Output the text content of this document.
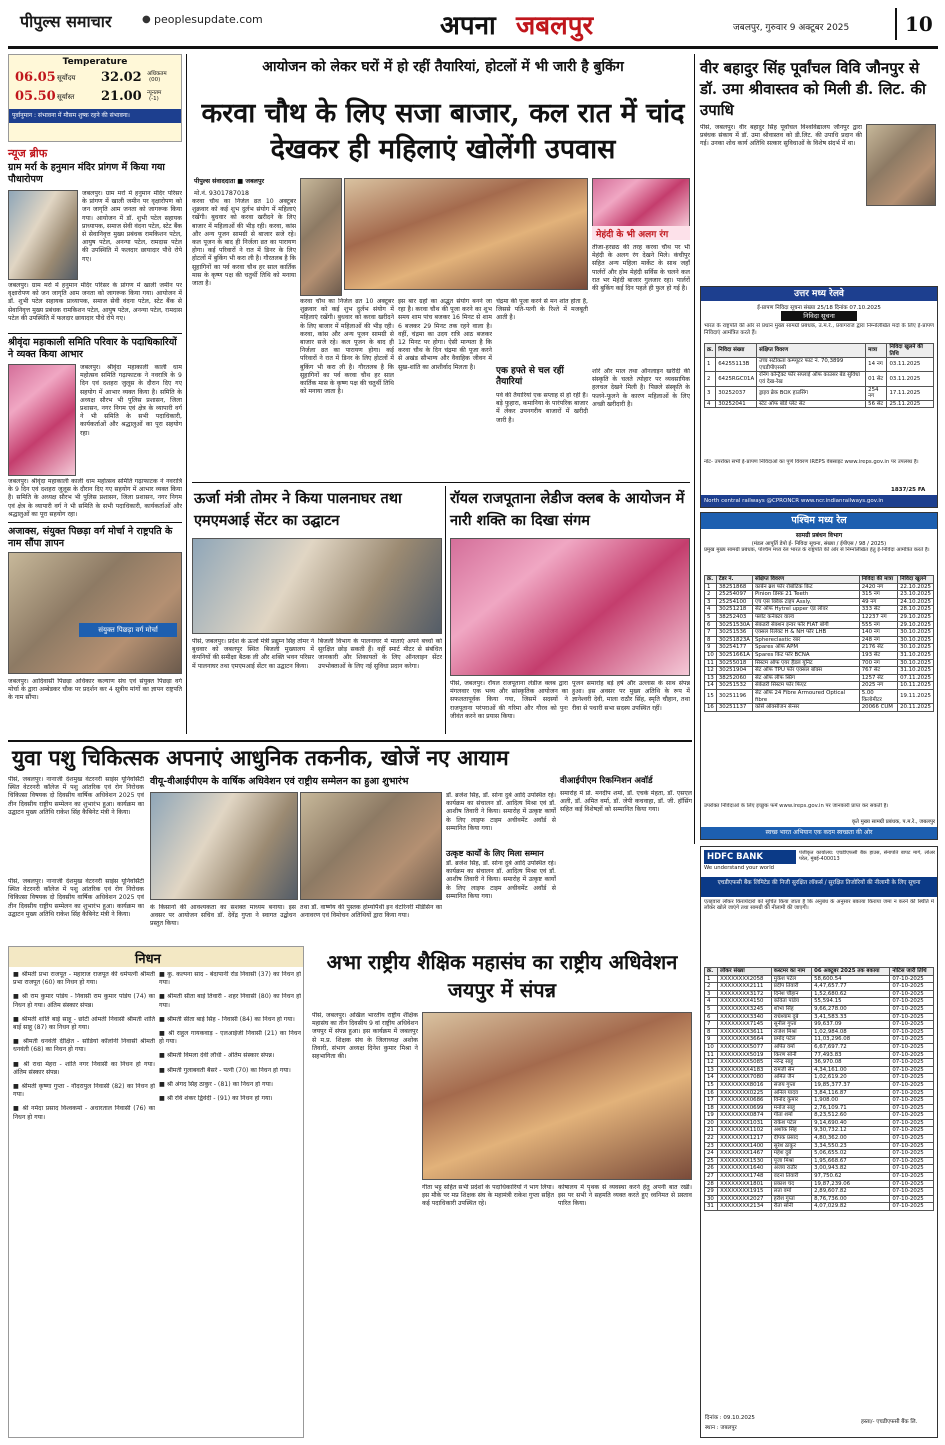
पीपुल्स समाचार	● peoplesupdate.com	अपना जबलपुर	जबलपुर, गुरुवार 9 अक्टूबर 2025	10
Temperature
06.05 सूर्योदय 32.02 अधिकतम
(00)
05.50 सूर्यास्त 21.00 न्यूनतम
(-1)
पूर्वानुमान : संभावना में मौसम शुष्क रहने की संभावना।
न्यूज ब्रीफ
ग्राम मर्रा के हनुमान मंदिर प्रांगण में किया गया पौधारोपण
जबलपुर। ग्राम मर्रा में हनुमान मंदिर परिसर के प्रांगण में खाली जमीन पर वृक्षारोपण को जन जागृति आम जनता को जागरूक किया गया। आयोजन में डॉ. शुभी पटेल सहायक प्राध्यापक, समाज सेवी वंदना पटेल, स्टेट बैंक से सेवानिवृत्त मुख्य प्रबंधक रामकिशन पटेल, आयुष पटेल, अनन्या पटेल, रामदास पटेल की उपस्थिति में फलदार छायादार पौधे रोपे गए।
जबलपुर। ग्राम मर्रा में हनुमान मंदिर परिसर के प्रांगण में खाली जमीन पर वृक्षारोपण को जन जागृति आम जनता को जागरूक किया गया। आयोजन में डॉ. शुभी पटेल सहायक प्राध्यापक, समाज सेवी वंदना पटेल, स्टेट बैंक से सेवानिवृत्त मुख्य प्रबंधक रामकिशन पटेल, आयुष पटेल, अनन्या पटेल, रामदास पटेल की उपस्थिति में फलदार छायादार पौधे रोपे गए।
श्रीवृंदा महाकाली समिति परिवार के पदाधिकारियों ने व्यक्त किया आभार
जबलपुर। श्रीवृंदा महाकाली काली धाम महोत्सव समिति गढ़ाफाटक ने नवरात्रि के 9 दिन एवं दशहरा जुलूस के दौरान दिए गए सहयोग में आभार व्यक्त किया है। समिति के अध्यक्ष सौरभ भी पुलिस प्रशासन, जिला प्रशासन, नगर निगम एवं क्षेत्र के व्यापारी वर्ग ने भी समिति के सभी पदाधिकारी, कार्यकर्ताओं और श्रद्धालुओं का पूरा सहयोग रहा।
जबलपुर। श्रीवृंदा महाकाली काली धाम महोत्सव समिति गढ़ाफाटक ने नवरात्रि के 9 दिन एवं दशहरा जुलूस के दौरान दिए गए सहयोग में आभार व्यक्त किया है। समिति के अध्यक्ष सौरभ भी पुलिस प्रशासन, जिला प्रशासन, नगर निगम एवं क्षेत्र के व्यापारी वर्ग ने भी समिति के सभी पदाधिकारी, कार्यकर्ताओं और श्रद्धालुओं का पूरा सहयोग रहा।
अजाक्स, संयुक्त पिछड़ा वर्ग मोर्चा ने राष्ट्रपति के नाम सौंपा ज्ञापन
संयुक्त पिछड़ा वर्ग मोर्चा
जबलपुर। आदिवासी पिछड़ा अधिकार कल्याण संघ एवं संयुक्त पिछड़ा वर्ग मोर्चा के द्वारा अम्बेडकर चौक पर प्रदर्शन कर 4 सूत्रीय मांगों का ज्ञापन राष्ट्रपति के नाम सौंपा।
आयोजन को लेकर घरों में हो रहीं तैयारियां, होटलों में भी जारी है बुकिंग
करवा चौथ के लिए सजा बाजार, कल रात में चांद देखकर ही महिलाएं खोलेंगी उपवास
पीपुल्स संवाददाता ■ जबलपुर
मो.नं. 9301787018
करवा चौथ का निर्जल व्रत 10 अक्टूबर शुक्रवार को कई शुभ दुर्लभ संयोग में महिलाएं रखेंगी। बुधवार को करवा खरीदने के लिए बाजार में महिलाओं की भीड़ रही। करवा, कांस और अन्य पूजन सामग्री से बाजार सजे रहे। कल पूजन के बाद ही निर्जला व्रत का पारायण होगा। कई परिवारों ने रात में डिनर के लिए होटलों में बुकिंग भी करा ली है। गौरतलब है कि सुहागिनों का पर्व करवा चौथ हर साल कार्तिक मास के कृष्ण पक्ष की चतुर्थी तिथि को मनाया जाता है।
करवा चौथ का निर्जल व्रत 10 अक्टूबर शुक्रवार को कई शुभ दुर्लभ संयोग में महिलाएं रखेंगी। बुधवार को करवा खरीदने के लिए बाजार में महिलाओं की भीड़ रही। करवा, कांस और अन्य पूजन सामग्री से बाजार सजे रहे। कल पूजन के बाद ही निर्जला व्रत का पारायण होगा। कई परिवारों ने रात में डिनर के लिए होटलों में बुकिंग भी करा ली है। गौरतलब है कि सुहागिनों का पर्व करवा चौथ हर साल कार्तिक मास के कृष्ण पक्ष की चतुर्थी तिथि को मनाया जाता है।
इस बार ग्रहों का अद्भुत संयोग बनने जा रहा है। करवा चौथ की पूजा करने का शुभ समय शाम पांच बजकर 16 मिनट से शाम 6 बजकर 29 मिनट तक रहने वाला है। वहीं, चंद्रमा का उदय रात्रि आठ बजकर 12 मिनट पर होगा। ऐसी मान्यता है कि करवा चौथ के दिन चंद्रमा की पूजा करने से अखंड सौभाग्य और वैवाहिक जीवन में सुख-शांति का आशीर्वाद मिलता है।
चंद्रमा की पूजा करने से मन शांत होता है, जिससे पति-पत्नी के रिश्ते में मजबूती आती है।
एक हफ्ते से चल रहीं तैयारियां
पर्व की तैयारियां एक सप्ताह से हो रहीं हैं। बड़े फुहारा, कमानिया के पारंपरिक बाजार में लेकर उपनगरीय बाजारों में खरीदी जारी है।
मेहंदी के भी अलग रंग
तीजा-हरछठ की तरह करवा चौथ पर भी मेहंदी के अलग रंग देखने मिले। कंचीपुर सहित अन्य महिला मार्केट के साथ जहाँ पार्लरों और होम मेहंदी सर्विस के चलने कल रात भर मेहंदी बाजार गुलजार रहा। पार्लरों की बुकिंग कई दिन पहले ही फुल हो गई है।
शोरें और माल तथा ऑनलाइन खरीदी की संस्कृति के चलते त्योहार पर व्यवसायिक हलचल देखने मिली है। पिछले संस्कृति के फलने-फूलने के कारण महिलाओं के लिए अच्छी खरीदारी है।
ऊर्जा मंत्री तोमर ने किया पालनाघर तथा एमएमआई सेंटर का उद्घाटन
पीसं, जबलपुर। प्रदेश के ऊर्जा मंत्री प्रद्युम्न सिंह तोमर ने बुधवार को जबलपुर स्थित बिजली मुख्यालय में कंपनियों की समीक्षा बैठक ली और शक्ति भवन परिसर में पालनाघर तथा एमएमआई सेंटर का उद्घाटन किया।
बिजली विभाग के पालनाघर में माताएं अपने बच्चों को सुरक्षित छोड़ सकती हैं। वहीं स्मार्ट मीटर से संबंधित जानकारी और शिकायतों के लिए ऑनलाइन सेंटर उपभोक्ताओं के लिए नई सुविधा प्रदान करेगा।
रॉयल राजपूताना लेडीज क्लब के आयोजन में नारी शक्ति का दिखा संगम
पीसं, जबलपुर। रॉयल राजपूताना लेडीज क्लब द्वारा मंगलवार एक भव्य और सांस्कृतिक आयोजन का सफलतापूर्वक किया गया, जिसमें सदस्यों ने राजपूताना परंपराओं की गरिमा और गौरव को पुनः जीवंत करने का प्रयास किया।
पूजन समारोह बड़े हर्ष और उल्लास के साथ संपन्न हुआ। इस अवसर पर मुख्य अतिथि के रूप में ज्ञानेश्वरी देवी, माला राठौर सिंह, स्मृति चौहान, तथा रीवा से पधारी सभा सदस्य उपस्थित रहीं।
युवा पशु चिकित्सक अपनाएं आधुनिक तकनीक, खोजें नए आयाम
पीसं, जबलपुर। नानाजी देशमुख वेटरनरी साइंस यूनिवर्सिटी स्थित वेटरनरी कॉलेज में पशु आंतरिक एवं रोग निरोधक चिकित्सा विषयक दो दिवसीय वार्षिक अधिवेशन 2025 एवं तीन दिवसीय राष्ट्रीय सम्मेलन का शुभारंभ हुआ। कार्यक्रम का उद्घाटन मुख्य अतिथि राकेश सिंह कैबिनेट मंत्री ने किया।
वीयू-वीआईपीएम के वार्षिक अधिवेशन एवं राष्ट्रीय सम्मेलन का हुआ शुभारंभ	वीआईपीएम रिकग्निशन अवॉर्ड
डॉ. ब्रजेश सिंह, डॉ. सोना दुबे आदि उपस्थित रहे। कार्यक्रम का संचालन डॉ. आदित्य मिश्रा एवं डॉ. आशीष तिवारी ने किया। समारोह में उत्कृष्ट कार्यों के लिए लाइफ टाइम अचीवमेंट अवॉर्ड से सम्मानित किया गया।
उत्कृष्ट कार्यों के लिए मिला सम्मान
डॉ. ब्रजेश सिंह, डॉ. सोना दुबे आदि उपस्थित रहे। कार्यक्रम का संचालन डॉ. आदित्य मिश्रा एवं डॉ. आशीष तिवारी ने किया। समारोह में उत्कृष्ट कार्यों के लिए लाइफ टाइम अचीवमेंट अवॉर्ड से सम्मानित किया गया।
समारोह में प्रो. मनदीप शर्मा, डॉ. एचके मेहता, डॉ. एसएल अली, डॉ. अमित वर्मा, डॉ. जेपी कचवाहा, डॉ. जी. हॉसिंग सहित कई विशेषज्ञों को सम्मानित किया गया।
पीसं, जबलपुर। नानाजी देशमुख वेटरनरी साइंस यूनिवर्सिटी स्थित वेटरनरी कॉलेज में पशु आंतरिक एवं रोग निरोधक चिकित्सा विषयक दो दिवसीय वार्षिक अधिवेशन 2025 एवं तीन दिवसीय राष्ट्रीय सम्मेलन का शुभारंभ हुआ। कार्यक्रम का उद्घाटन मुख्य अतिथि राकेश सिंह कैबिनेट मंत्री ने किया।
के किसानों की आवश्यकता का सशक्त माध्यम बनाया। इस अवसर पर आयोजन सचिव डॉ. देवेंद्र गुप्ता ने स्वागत उद्बोधन प्रस्तुत किया।
तथा डॉ. वार्ष्णेय की पुस्तक होम्योपैथी इन वेटरिनरी मेडिसिन का अनावरण एवं विमोचन अतिथियों द्वारा किया गया।
निधन
■ श्रीमती प्रभा राजपूत - महाराज राजपूत की धर्मपत्नी श्रीमती प्रभा राजपूत (60) का निधन हो गया।
■ श्री राम कुमार पांडेय - निवासी राम कुमार पांडेय (74) का निधन हो गया। अंतिम संस्कार संपन्न।
■ श्रीमती शांति बाई साहू - छोटी ओमती निवासी श्रीमती शांति बाई साहू (87) का निधन हो गया।
■ श्रीमती धनवंती दीक्षित - सोडियो कॉलोनी निवासी श्रीमती धनवंती (68) का निधन हो गया।
■ श्री राधा मेहरा - शांति नगर निवासी का निधन हो गया। अंतिम संस्कार संपन्न।
■ श्रीमती कृष्णा गुप्ता - नौदरापुल निवासी (82) का निधन हो गया।
■ श्री नर्मदा प्रसाद विश्वकर्मा - अधारताल निवासी (76) का निधन हो गया।
■ कु. कल्पना साद - बेदापानी रोड निवासी (37) का निधन हो गया।
■ श्रीमती सीता बाई तिवारी - शहर निवासी (80) का निधन हो गया।
■ श्रीमती सीता बाई सिंह - निवासी (84) का निधन हो गया।
■ श्री राहुल गायकवाड़ - एलआईजी निवासी (21) का निधन हो गया।
■ श्रीमती विमला देवी लौधी - अंतिम संस्कार संपन्न।
■ श्रीमती गुलाबवती बैसरे - पत्नी (70) का निधन हो गया।
■ श्री अंगद सिंह ठाकुर - (81) का निधन हो गया।
■ श्री रवि शंकर द्विवेदी - (91) का निधन हो गया।
अभा राष्ट्रीय शैक्षिक महासंघ का राष्ट्रीय अधिवेशन जयपुर में संपन्न
पीसं, जबलपुर। अखिल भारतीय राष्ट्रीय शैक्षिक महासंघ का तीन दिवसीय 9 वां राष्ट्रीय अधिवेशन जयपुर में संपन्न हुआ। इस कार्यक्रम में जबलपुर से म.प्र. शिक्षक संघ के जिलाध्यक्ष अशोक तिवारी, संभाग अध्यक्ष दिनेश कुमार मिश्रा ने सहभागिता की।
गीता भट्ट सहित सभी प्रदेशों के पदाधिकारियों ने भाग लिया। इस मौके पर मप्र शिक्षक संघ के महामंत्री राकेश गुप्ता सहित कई पदाधिकारी उपस्थित रहे।
कोषालय में पृथक से व्यवस्था करने हेतु अपनी बात रखी। इस पर सभी ने सहमति व्यक्त करते हुए ध्वनिमत से प्रस्ताव पारित किया।
वीर बहादुर सिंह पूर्वांचल विवि जौनपुर से डॉ. उमा श्रीवास्तव को मिली डी. लिट. की उपाधि
पीसं, जबलपुर। वीर बहादुर सिंह पूर्वांचल विश्वविद्यालय जौनपुर द्वारा प्रबंधक संकाय में डॉ. उमा श्रीवास्तव को डी.लिट. की उपाधि प्रदान की गई। उनका शोध कार्य अतिथि सत्कार सुविधाओं के विशेष संदर्भ में था।
उत्तर मध्य रेलवे
ई-प्रापण निविदा सूचना संख्या 25/18 दिनांक 07.10.2025
निविदा सूचना
भारत के राष्ट्रपति की ओर से प्रधान मुख्य सामग्री प्रबंधक, उ.म.रे., प्रयागराज द्वारा निम्नलिखित मदों के लिए ई-प्रापण निविदाएं आमंत्रित करते हैं।
क्र.	निविदा संख्या	संक्षिप्त विवरण	मात्रा	निविदा खुलने की तिथि
1	64255113B	उच्च सटीकता कम्प्यूटर फाट नं. 70,3899 एचडीपीएससी	14 नग	03.11.2025
2	6425RGC01A	रनिंग कॉन्ट्रैक्ट फॉर सप्लाई ऑफ काउंसर बेड सुविधा एवं देख-रेख	01 सेट	03.11.2025
3	30252037	ड्राइव ब्रेक BOX हाउसिंग	254 नग	17.11.2025
4	30252041	स्टेट ऑफ बोर्ड प्लेट सेट	56 सेट	25.11.2025
नोट- उपरोक्त सभी ई-प्रापण निविदाओं का पूर्ण विवरण IREPS वेबसाइट www.ireps.gov.in पर उपलब्ध है।
1837/25 FA
North central railways @CPRONCR www.ncr.indianrailways.gov.in
पश्चिम मध्य रेल
सामग्री प्रबंधन विभाग
(मंडल आपूर्ति डेपो ई- निविदा सूचना, संख्या / ईपीएस / 98 / 2025)
प्रमुख मुख्य सामग्री प्रबंधक, पश्चिम मध्य रेल भारत के राष्ट्रपति की ओर से निम्नलिखित हेतु ई-निविदा आमंत्रित करते हैं।
क्र.	टेंडर नं.	संक्षिप्त विवरण	निविदा की मात्रा	निविदा खुलने
1	38251868	कार्बन ब्रश फॉर रोबोटिक किट	2420 नग	22.10.2025
2	25254097	Pinion डिस्क 21 Teeth	315 नग	23.10.2025
3	25254100	एच एस क्विक टाइप Assly.	49 नग	24.10.2025
4	30251218	सेट ऑफ Hytrel upper एंड लोवर	333 सेट	28.10.2025
5	38252403	फ्लोट कनेक्टर वाल्व	12237 नग	29.10.2025
6	30251530A	सेकंडरी सेक्शन इन्वर फॉर FIAT बोगी	555 नग	29.10.2025
7	30251536	एक्सल रिलेक्ट H & NH फॉर LHB	140 नग	30.10.2025
8	30251823A	Sphereclastic रबर	248 नग	30.10.2025
9	30254177	Spares ऑफ APM	2176 सेट	30.10.2025
10	30251661A	Spares किट फॉर BCNA	193 सेट	31.10.2025
11	30255018	सिस्टम ऑफ एयर हैंडल यूनिट	700 नग	30.10.2025
12	30251904	सेट ऑफ TPU फॉर एक्सल बॉक्स	767 सेट	31.10.2025
13	38252060	सेट ऑफ लीफ स्प्रिंग	1257 सेट	07.11.2025
14	30251532	सेकेंडरी सिस्टम फॉर फिएट	2025 नग	10.11.2025
15	30251196	सेट ऑफ 24 Fibre Armoured Optical fibre	5.00 किलोमीटर	19.11.2025
16	30251137	कोर्स ऑक्सीजन सेन्सर	20066 CUM	20.11.2025
उपरोक्त निविदाओं के लिए इच्छुक फर्में www.ireps.gov.in पर जानकारी प्राप्त कर सकती हैं।
कृते मुख्य सामग्री प्रबंधक, प.म.रे., जबलपुर
स्वच्छ भारत अभियान एक कदम स्वच्छता की ओर
HDFC BANK
We understand your world
पंजीकृत कार्यालय: एचडीएफसी बैंक हाउस, सेनापति बापट मार्ग, लोअर परेल, मुंबई-400013
एचडीएफसी बैंक लिमिटेड की निजी सुरक्षित लॉकर्स / सुरक्षित तिजोरियों की नीलामी के लिए सूचना
एतद्द्वारा लॉकर किरायेदारों को सूचित किया जाता है कि अनुबंध के अनुसार बकाया किराया जमा न करने की स्थिति में लॉकर खोले जाएंगे तथा सामग्री की नीलामी की जाएगी।
क्र.	लॉकर संख्या	कस्टमर का नाम	06 अक्टूबर 2025 तक बकाया	नोटिस जारी तिथि
1	XXXXXXXX2058	मुकेश पटेल	58,600.54	07-10-2025
2	XXXXXXXX2111	प्रदीप तिवारी	4,47,657.77	07-10-2025
3	XXXXXXXX3172	दिनेश चौहान	1,52,680.62	07-10-2025
4	XXXXXXXX4150	कविता पांडेय	55,594.15	07-10-2025
5	XXXXXXXX3245	शोभा सिंह	9,66,278.00	07-10-2025
6	XXXXXXXX3340	राधेश्याम दुबे	3,41,583.33	07-10-2025
7	XXXXXXXX7145	सुनील गुप्ता	99,637.09	07-10-2025
8	XXXXXXXX3611	राजेश मिश्रा	1,02,984.08	07-10-2025
9	XXXXXXXX3664	प्रमोद पटेल	11,03,296.08	07-10-2025
10	XXXXXXXX5077	अर्पित वर्मा	6,67,697.72	07-10-2025
11	XXXXXXXX5019	किरण सोनी	77,493.83	07-10-2025
12	XXXXXXXX5085	नरेन्द्र साहू	36,970.08	07-10-2025
13	XXXXXXXX4183	रामजी सेन	4,34,161.00	07-10-2025
14	XXXXXXXX7080	अमित जैन	1,02,619.20	07-10-2025
15	XXXXXXXX8016	संजय गुप्ता	19,85,377.37	07-10-2025
16	XXXXXXXX0225	अनिल यादव	3,84,116.87	07-10-2025
17	XXXXXXXX0686	विनोद कुमार	1,908.00	07-10-2025
18	XXXXXXXX0699	मनोज साहू	2,76,109.71	07-10-2025
19	XXXXXXXX0874	गीता शर्मा	8,23,512.60	07-10-2025
20	XXXXXXXX1031	राकेश पटेल	9,14,690.40	07-10-2025
21	XXXXXXXX1102	अशोक सिंह	9,30,732.12	07-10-2025
22	XXXXXXXX1217	दीपक प्रसाद	4,80,362.00	07-10-2025
23	XXXXXXXX1400	सुरेश ठाकुर	3,34,550.23	07-10-2025
24	XXXXXXXX1467	महेश दुबे	5,06,655.02	07-10-2025
25	XXXXXXXX1530	पूजा मिश्रा	1,95,668.67	07-10-2025
26	XXXXXXXX1640	अजय राठौर	3,00,943.82	07-10-2025
27	XXXXXXXX1748	वंदना तिवारी	97,750.62	07-10-2025
28	XXXXXXXX1801	प्रकाश चंद	19,87,239.06	07-10-2025
29	XXXXXXXX1915	लता वर्मा	2,89,607.82	07-10-2025
30	XXXXXXXX2027	हरीश गुप्ता	8,76,736.00	07-10-2025
31	XXXXXXXX2134	रीता सोनी	4,07,029.82	07-10-2025
दिनांक : 09.10.2025
स्थान : जबलपुर
हस्ता/- एचडीएफसी बैंक लि.
